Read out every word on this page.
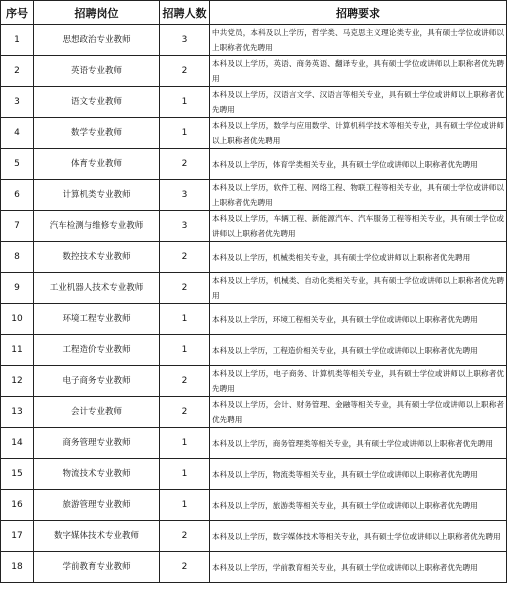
序号	招聘岗位	招聘人数	招聘要求
1	思想政治专业教师	3	中共党员，本科及以上学历，哲学类、马克思主义理论类专业，具有硕士学位或讲师以上职称者优先聘用
2	英语专业教师	2	本科及以上学历，英语、商务英语、翻译专业，具有硕士学位或讲师以上职称者优先聘用
3	语文专业教师	1	本科及以上学历，汉语言文学、汉语言等相关专业，具有硕士学位或讲师以上职称者优先聘用
4	数学专业教师	1	本科及以上学历，数学与应用数学、计算机科学技术等相关专业，具有硕士学位或讲师以上职称者优先聘用
5	体育专业教师	2	本科及以上学历，体育学类相关专业，具有硕士学位或讲师以上职称者优先聘用
6	计算机类专业教师	3	本科及以上学历，软件工程、网络工程、物联工程等相关专业，具有硕士学位或讲师以上职称者优先聘用
7	汽车检测与维修专业教师	3	本科及以上学历，车辆工程、新能源汽车、汽车服务工程等相关专业，具有硕士学位或讲师以上职称者优先聘用
8	数控技术专业教师	2	本科及以上学历，机械类相关专业，具有硕士学位或讲师以上职称者优先聘用
9	工业机器人技术专业教师	2	本科及以上学历，机械类、自动化类相关专业，具有硕士学位或讲师以上职称者优先聘用
10	环境工程专业教师	1	本科及以上学历，环境工程相关专业，具有硕士学位或讲师以上职称者优先聘用
11	工程造价专业教师	1	本科及以上学历，工程造价相关专业，具有硕士学位或讲师以上职称者优先聘用
12	电子商务专业教师	2	本科及以上学历，电子商务、计算机类等相关专业，具有硕士学位或讲师以上职称者优先聘用
13	会计专业教师	2	本科及以上学历，会计、财务管理、金融等相关专业，具有硕士学位或讲师以上职称者优先聘用
14	商务管理专业教师	1	本科及以上学历，商务管理类等相关专业，具有硕士学位或讲师以上职称者优先聘用
15	物流技术专业教师	1	本科及以上学历，物流类等相关专业，具有硕士学位或讲师以上职称者优先聘用
16	旅游管理专业教师	1	本科及以上学历，旅游类等相关专业，具有硕士学位或讲师以上职称者优先聘用
17	数字媒体技术专业教师	2	本科及以上学历，数字媒体技术等相关专业，具有硕士学位或讲师以上职称者优先聘用
18	学前教育专业教师	2	本科及以上学历，学前教育相关专业，具有硕士学位或讲师以上职称者优先聘用
